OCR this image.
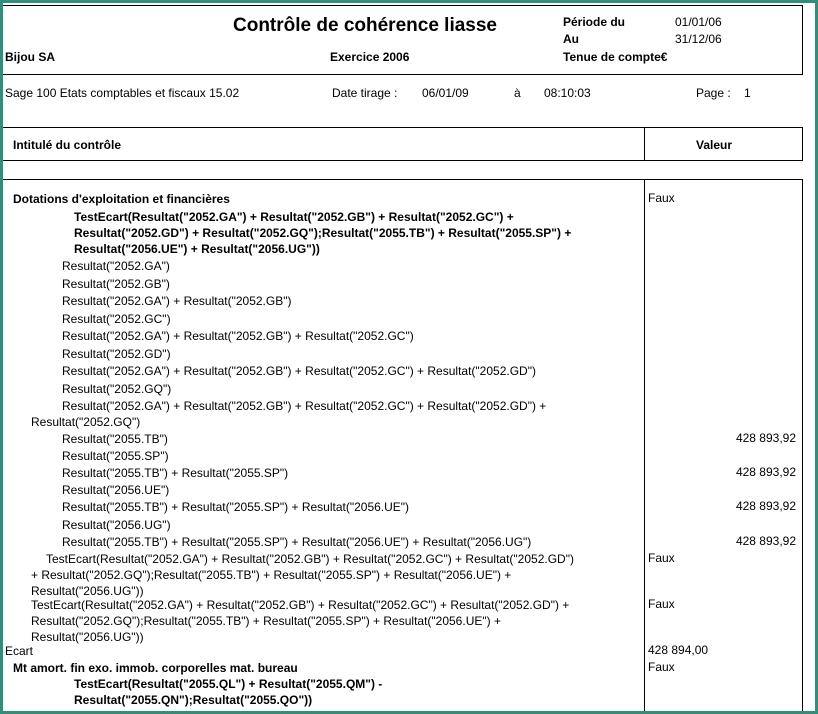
Contrôle de cohérence liasse
Bijou SA	Exercice 2006
Période du	01/01/06
Au	31/12/06
Tenue de compte€
Sage 100 Etats comptables et fiscaux 15.02	Date tirage : 06/01/09	à 08:10:03	Page : 1
Intitulé du contrôle	Valeur
Dotations d'exploitation et financières	Faux
TestEcart(Resultat("2052.GA") + Resultat("2052.GB") + Resultat("2052.GC") +
Resultat("2052.GD") + Resultat("2052.GQ");Resultat("2055.TB") + Resultat("2055.SP") +
Resultat("2056.UE") + Resultat("2056.UG"))
Resultat("2052.GA")
Resultat("2052.GB")
Resultat("2052.GA") + Resultat("2052.GB")
Resultat("2052.GC")
Resultat("2052.GA") + Resultat("2052.GB") + Resultat("2052.GC")
Resultat("2052.GD")
Resultat("2052.GA") + Resultat("2052.GB") + Resultat("2052.GC") + Resultat("2052.GD")
Resultat("2052.GQ")
Resultat("2052.GA") + Resultat("2052.GB") + Resultat("2052.GC") + Resultat("2052.GD") +
Resultat("2052.GQ")
Resultat("2055.TB")	428 893,92
Resultat("2055.SP")
Resultat("2055.TB") + Resultat("2055.SP")	428 893,92
Resultat("2056.UE")
Resultat("2055.TB") + Resultat("2055.SP") + Resultat("2056.UE")	428 893,92
Resultat("2056.UG")
Resultat("2055.TB") + Resultat("2055.SP") + Resultat("2056.UE") + Resultat("2056.UG")	428 893,92
TestEcart(Resultat("2052.GA") + Resultat("2052.GB") + Resultat("2052.GC") + Resultat("2052.GD")	Faux
+ Resultat("2052.GQ");Resultat("2055.TB") + Resultat("2055.SP") + Resultat("2056.UE") +
Resultat("2056.UG"))
TestEcart(Resultat("2052.GA") + Resultat("2052.GB") + Resultat("2052.GC") + Resultat("2052.GD") +	Faux
Resultat("2052.GQ");Resultat("2055.TB") + Resultat("2055.SP") + Resultat("2056.UE") +
Resultat("2056.UG"))
Ecart	428 894,00
Mt amort. fin exo. immob. corporelles mat. bureau	Faux
TestEcart(Resultat("2055.QL") + Resultat("2055.QM") -
Resultat("2055.QN");Resultat("2055.QO"))
